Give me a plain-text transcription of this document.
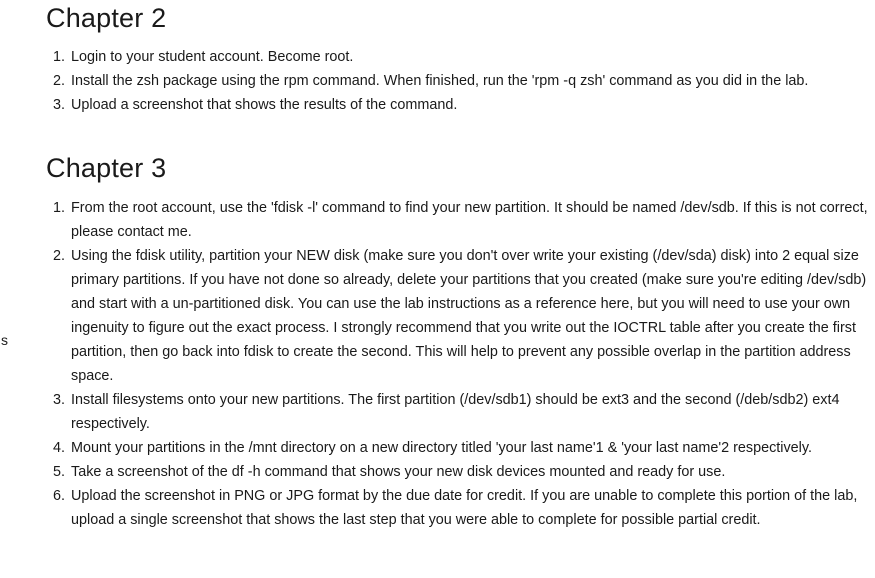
s
Chapter 2
1. Login to your student account. Become root.
2. Install the zsh package using the rpm command. When finished, run the 'rpm -q zsh' command as you did in the lab.
3. Upload a screenshot that shows the results of the command.
Chapter 3
1. From the root account, use the 'fdisk -l' command to find your new partition. It should be named /dev/sdb. If this is not correct, please contact me.
2. Using the fdisk utility, partition your NEW disk (make sure you don't over write your existing (/dev/sda) disk) into 2 equal size primary partitions. If you have not done so already, delete your partitions that you created (make sure you're editing /dev/sdb) and start with a un-partitioned disk. You can use the lab instructions as a reference here, but you will need to use your own ingenuity to figure out the exact process. I strongly recommend that you write out the IOCTRL table after you create the first partition, then go back into fdisk to create the second. This will help to prevent any possible overlap in the partition address space.
3. Install filesystems onto your new partitions. The first partition (/dev/sdb1) should be ext3 and the second (/deb/sdb2) ext4 respectively.
4. Mount your partitions in the /mnt directory on a new directory titled 'your last name'1 & 'your last name'2 respectively.
5. Take a screenshot of the df -h command that shows your new disk devices mounted and ready for use.
6. Upload the screenshot in PNG or JPG format by the due date for credit. If you are unable to complete this portion of the lab, upload a single screenshot that shows the last step that you were able to complete for possible partial credit.
